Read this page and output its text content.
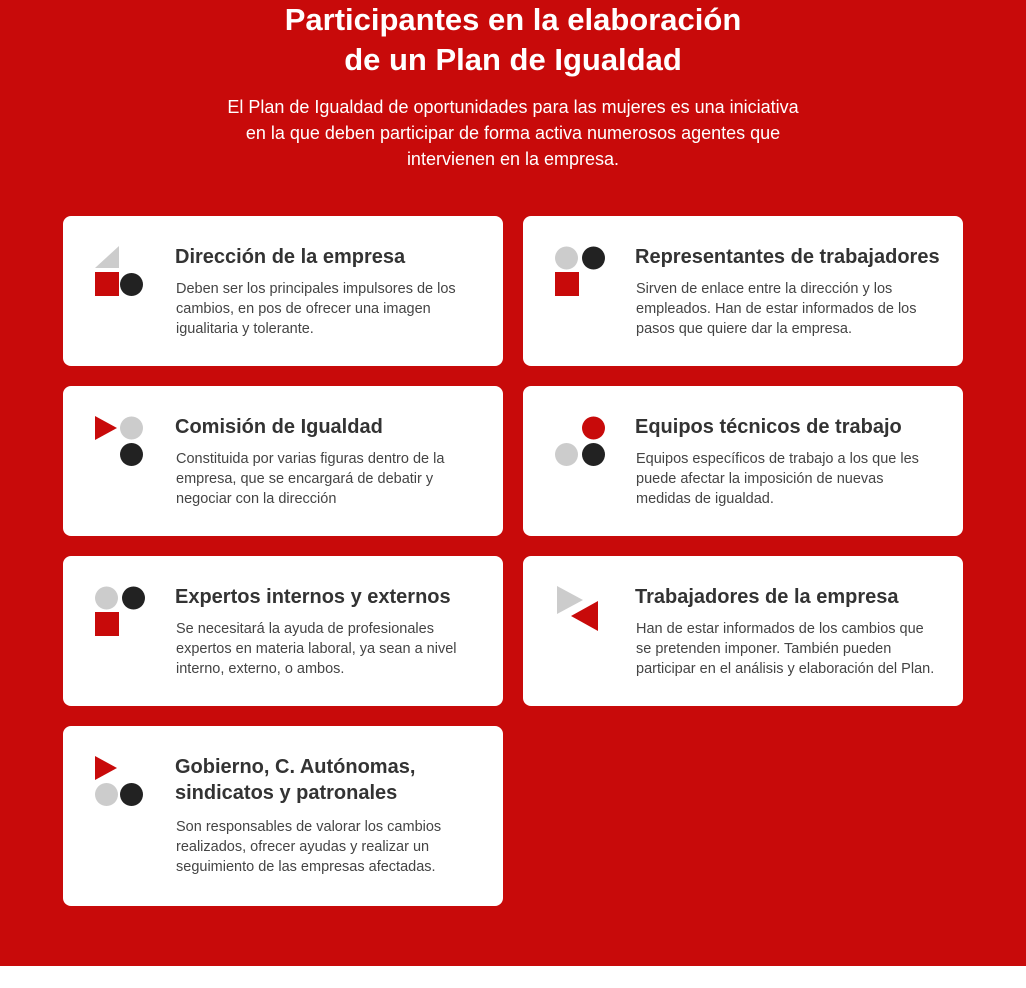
Participantes en la elaboración
de un Plan de Igualdad

El Plan de Igualdad de oportunidades para las mujeres es una iniciativa
en la que deben participar de forma activa numerosos agentes que
intervienen en la empresa.

Dirección de la empresa
Deben ser los principales impulsores de los
cambios, en pos de ofrecer una imagen
igualitaria y tolerante.
Representantes de trabajadores
Sirven de enlace entre la dirección y los
empleados. Han de estar informados de los
pasos que quiere dar la empresa.
Comisión de Igualdad
Constituida por varias figuras dentro de la
empresa, que se encargará de debatir y
negociar con la dirección
Equipos técnicos de trabajo
Equipos específicos de trabajo a los que les
puede afectar la imposición de nuevas
medidas de igualdad.
Expertos internos y externos
Se necesitará la ayuda de profesionales
expertos en materia laboral, ya sean a nivel
interno, externo, o ambos.
Trabajadores de la empresa
Han de estar informados de los cambios que
se pretenden imponer. También pueden
participar en el análisis y elaboración del Plan.
Gobierno, C. Autónomas,
sindicatos y patronales
Son responsables de valorar los cambios
realizados, ofrecer ayudas y realizar un
seguimiento de las empresas afectadas.
